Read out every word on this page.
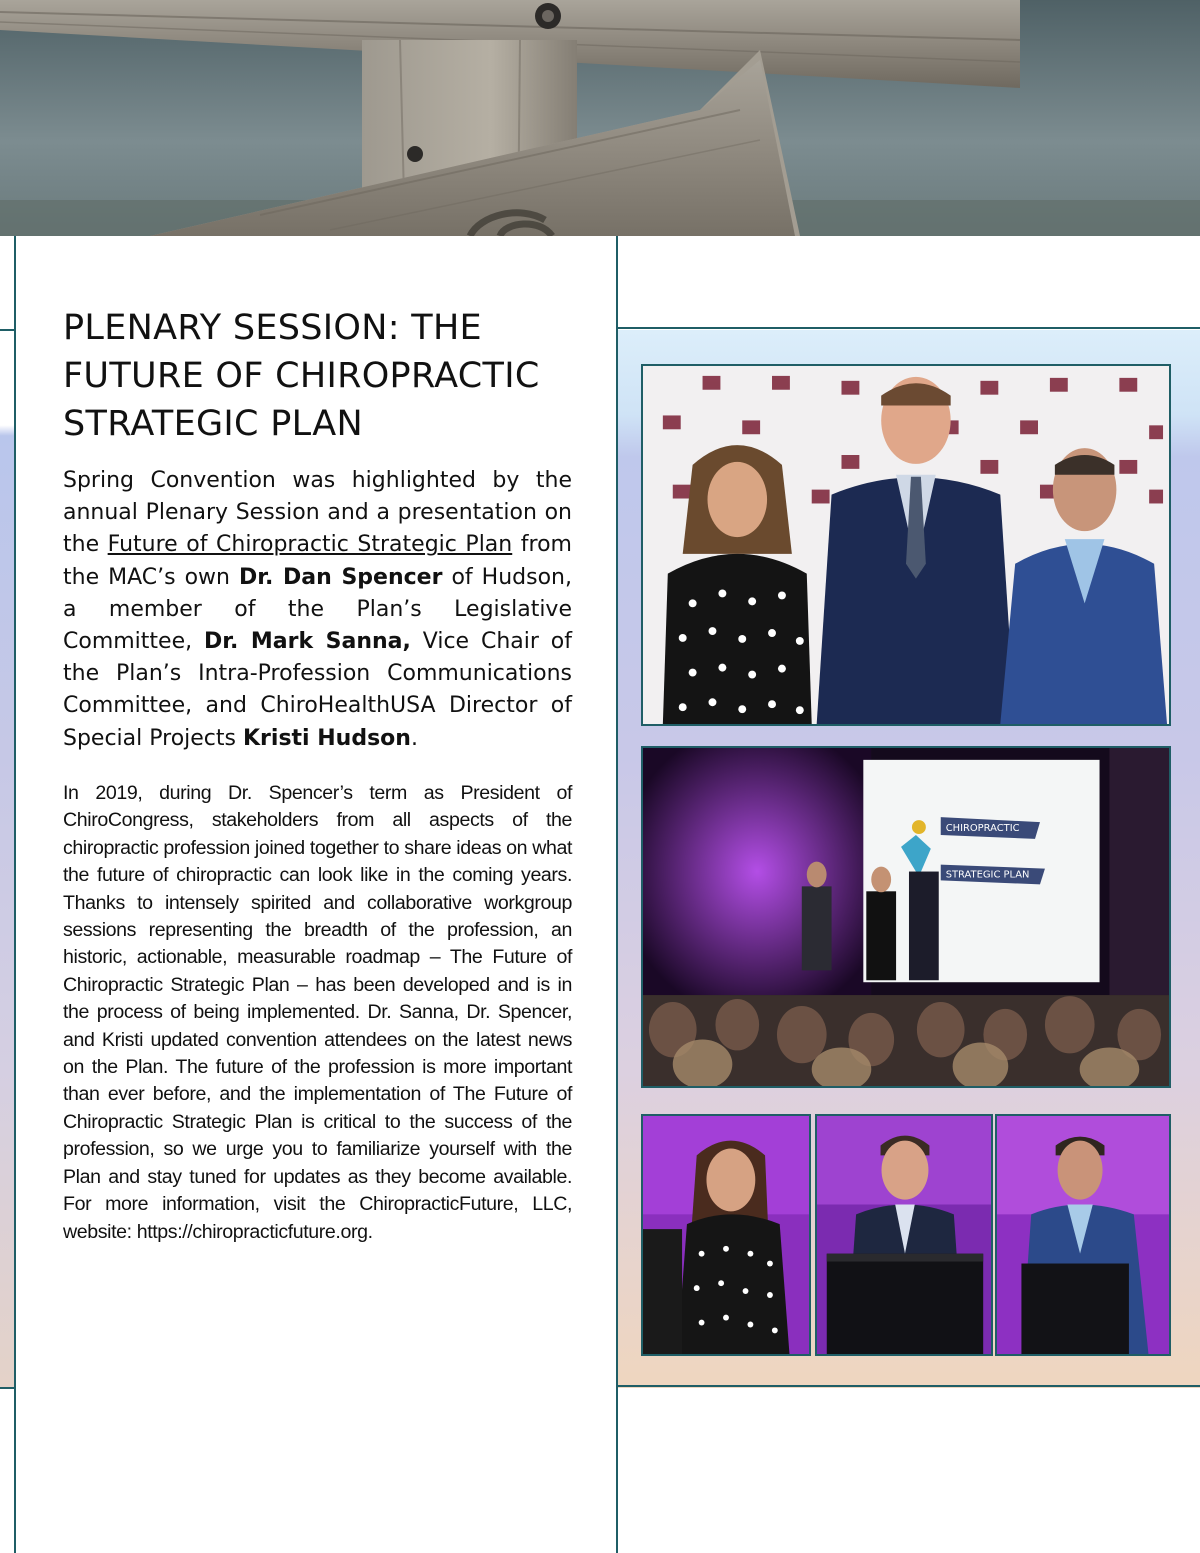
PLENARY SESSION: THE
FUTURE OF CHIROPRACTIC
STRATEGIC PLAN

Spring Convention was highlighted by the annual Plenary Session and a presentation on the Future of Chiropractic Strategic Plan from the MAC’s own Dr. Dan Spencer of Hudson, a member of the Plan’s Legislative Committee, Dr. Mark Sanna, Vice Chair of the Plan’s Intra-Profession Communications Committee, and ChiroHealthUSA Director of Special Projects Kristi Hudson.

In 2019, during Dr. Spencer’s term as President of ChiroCongress, stakeholders from all aspects of the chiropractic profession joined together to share ideas on what the future of chiropractic can look like in the coming years. Thanks to intensely spirited and collaborative workgroup sessions representing the breadth of the profession, an historic, actionable, measurable roadmap – The Future of Chiropractic Strategic Plan – has been developed and is in the process of being implemented. Dr. Sanna, Dr. Spencer, and Kristi updated convention attendees on the latest news on the Plan. The future of the profession is more important than ever before, and the implementation of The Future of Chiropractic Strategic Plan is critical to the success of the profession, so we urge you to familiarize yourself with the Plan and stay tuned for updates as they become available. For more information, visit the ChiropracticFuture, LLC, website: https://chiropracticfuture.org.

CHIROPRACTIC
STRATEGIC PLAN
